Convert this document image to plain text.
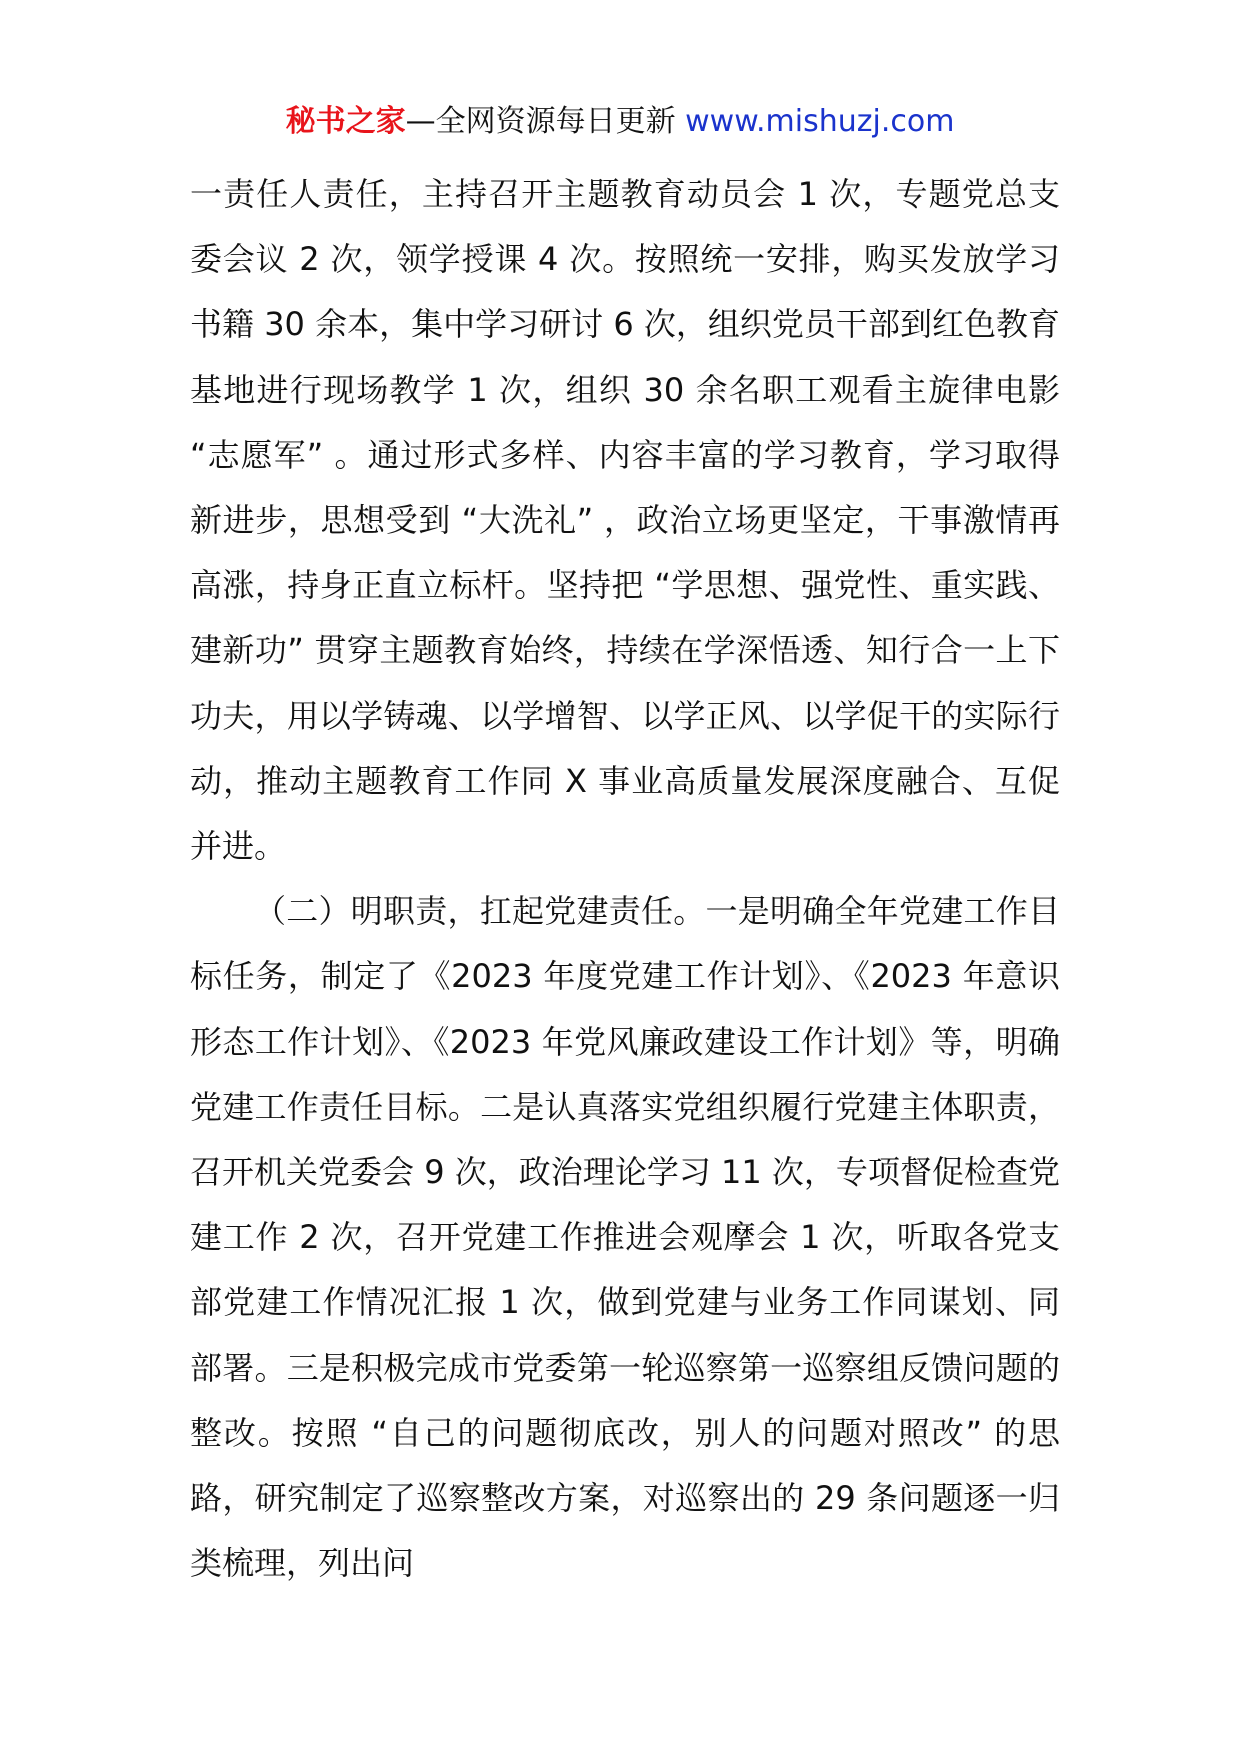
秘书之家—全网资源每日更新 www.mishuzj.com

一责任人责任，主持召开主题教育动员会 1 次，专题党总支委会议 2 次，领学授课 4 次。按照统一安排，购买发放学习书籍 30 余本，集中学习研讨 6 次，组织党员干部到红色教育基地进行现场教学 1 次，组织 30 余名职工观看主旋律电影 “志愿军” 。通过形式多样、内容丰富的学习教育，学习取得新进步，思想受到 “大洗礼” ，政治立场更坚定，干事激情再高涨，持身正直立标杆。坚持把 “学思想、强党性、重实践、建新功” 贯穿主题教育始终，持续在学深悟透、知行合一上下功夫，用以学铸魂、以学增智、以学正风、以学促干的实际行动，推动主题教育工作同 X 事业高质量发展深度融合、互促并进。

（二）明职责，扛起党建责任。一是明确全年党建工作目标任务，制定了《2023 年度党建工作计划》、《2023 年意识形态工作计划》、《2023 年党风廉政建设工作计划》等，明确党建工作责任目标。二是认真落实党组织履行党建主体职责，召开机关党委会 9 次，政治理论学习 11 次，专项督促检查党建工作 2 次，召开党建工作推进会观摩会 1 次，听取各党支部党建工作情况汇报 1 次，做到党建与业务工作同谋划、同部署。三是积极完成市党委第一轮巡察第一巡察组反馈问题的整改。按照 “自己的问题彻底改，别人的问题对照改” 的思路，研究制定了巡察整改方案，对巡察出的 29 条问题逐一归类梳理，列出问
